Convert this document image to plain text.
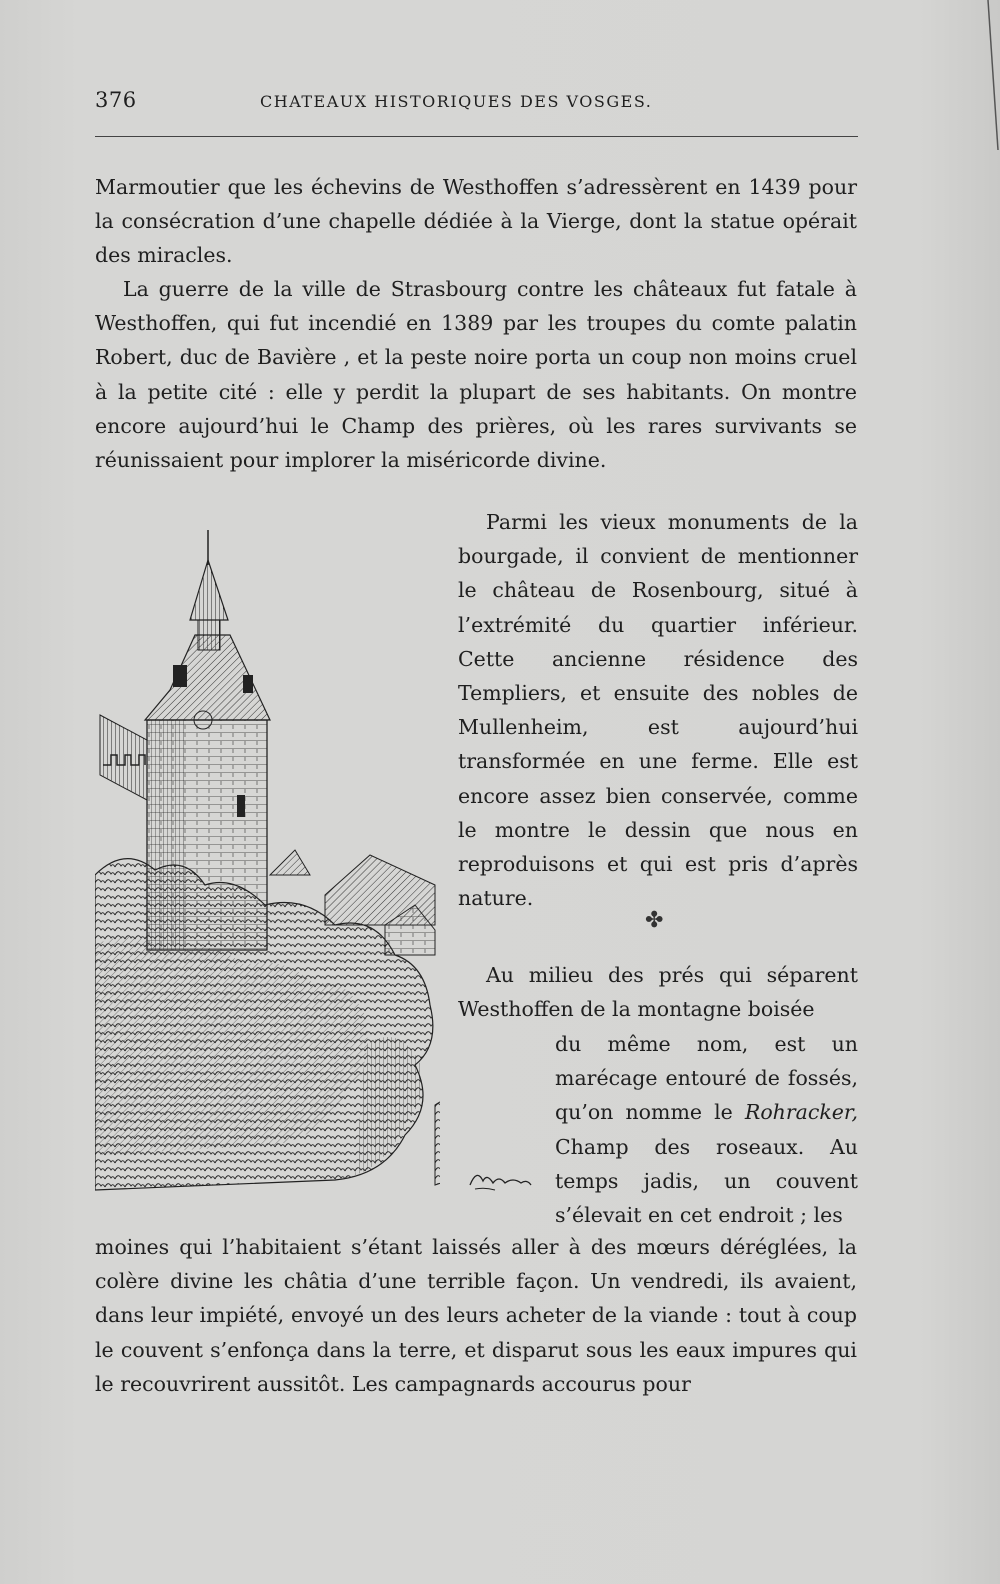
376	CHATEAUX HISTORIQUES DES VOSGES.
Marmoutier que les échevins de Westhoffen s’adressèrent en 1439 pour la consécration d’une chapelle dédiée à la Vierge, dont la statue opérait des miracles.
La guerre de la ville de Strasbourg contre les châteaux fut fatale à Westhoffen, qui fut incendié en 1389 par les troupes du comte palatin Robert, duc de Bavière , et la peste noire porta un coup non moins cruel à la petite cité : elle y perdit la plupart de ses habitants. On montre encore aujourd’hui le Champ des prières, où les rares survivants se réunissaient pour implorer la miséricorde divine.
Parmi les vieux monuments de la bourgade, il convient de mentionner le château de Rosenbourg, situé à l’extrémité du quartier inférieur. Cette ancienne résidence des Templiers, et ensuite des nobles de Mullenheim, est aujourd’hui transformée en une ferme. Elle est encore assez bien conservée, comme le montre le dessin que nous en reproduisons et qui est pris d’après nature.
✤
Au milieu des prés qui séparent Westhoffen de la montagne boisée
du même nom, est un marécage entouré de fossés, qu’on nomme le Rohracker, Champ des roseaux. Au temps jadis, un couvent s’élevait en cet endroit ; les
moines qui l’habitaient s’étant laissés aller à des mœurs déréglées, la colère divine les châtia d’une terrible façon. Un vendredi, ils avaient, dans leur impiété, envoyé un des leurs acheter de la viande : tout à coup le couvent s’enfonça dans la terre, et disparut sous les eaux impures qui le recouvrirent aussitôt. Les campagnards accourus pour
